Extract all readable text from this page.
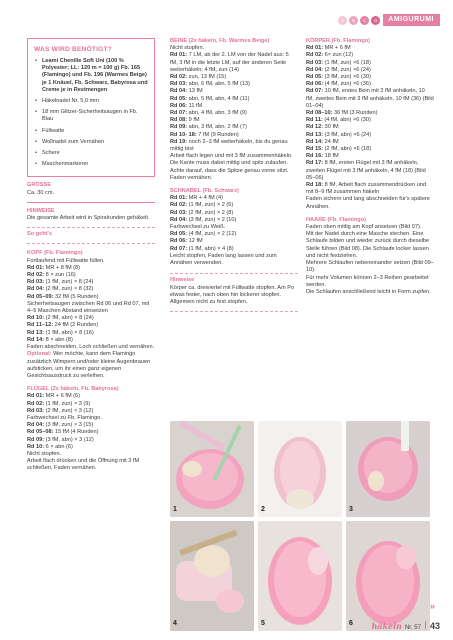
A	B	C	D	AMIGURUMI
WAS WIRD BENÖTIGT?
• Leami Chenille Soft Uni (100 % Polyester; LL: 120 m = 100 g) Fb. 165 (Flamingo) und Fb. 196 (Warmes Beige) je 1 Knäuel, Fb. Schwarz, Babyrosa und Creme je in Restmengen
• Häkelnadel Nr. 5,0 mm
• 18 mm Glitzer-Sicherheitsaugen in Fb. Blau
• Füllwatte
• Wollnadel zum Vernähen
• Schere
• Maschenmarkierer
GRÖSSE
Ca. 30 cm.
HINWEISE
Die gesamte Arbeit wird in Spiralrunden gehäkelt.
So geht's
KOPF (Fb. Flamingo)
Fortlaufend mit Füllwatte füllen.
Rd 01: MR + 8 fM (8)
Rd 02: 8 × zun (16)
Rd 03: (1 fM, zun) × 8 (24)
Rd 04: (2 fM, zun) × 8 (32)
Rd 05–09: 32 fM (5 Runden)
Sicherheitsaugen zwischen Rd 06 und Rd 07, mit 4–5 Maschen Abstand einsetzen
Rd 10: (2 fM, abn) × 8 (24)
Rd 11–12: 24 fM (2 Runden)
Rd 13: (1 fM, abn) × 8 (16)
Rd 14: 8 × abn (8)
Faden abschneiden, Loch schließen und vernähen.
Optional: Wer möchte, kann dem Flamingo zusätzlich Wimpern und/oder kleine Augenbrauen aufsticken, um ihr einen ganz eigenen Gesichtsausdruck zu verleihen.
FLÜGEL (2x häkeln, Fb. Babyrosa)
Rd 01: MR + 6 fM (6)
Rd 02: (1 fM, zun) × 3 (9)
Rd 03: (2 fM, zun) × 3 (12)
Farbwechsel zu Fb. Flamingo.
Rd 04: (3 fM, zun) × 3 (15)
Rd 05–08: 15 fM (4 Runden)
Rd 09: (3 fM, abn) × 3 (12)
Rd 10: 6 × abn (6)
Nicht stopfen.
Arbeit flach drücken und die Öffnung mit 3 fM schließen. Faden vernähen.
BEINE (2x häkeln, Fb. Warmes Beige)
Nicht stopfen.
Rd 01: 7 LM, ab der 2. LM von der Nadel aus: 5 fM, 3 fM in die letzte LM, auf der anderen Seite weiterhäkeln: 4 fM, zun (14)
Rd 02: zun, 13 fM (15)
Rd 03: abn, 6 fM, abn, 5 fM (13)
Rd 04: 13 fM
Rd 05: abn, 5 fM, abn, 4 fM (11)
Rd 06: 11 fM
Rd 07: abn, 4 fM, abn, 3 fM (9)
Rd 08: 9 fM
Rd 09: abn, 3 fM, abn, 2 fM (7)
Rd 10- 18: 7 fM (9 Runden)
Rd 19: noch 2–3 fM weiterhäkeln, bis du genau mittig bist
Arbeit flach legen und mit 3 fM zusammenhäkeln. Die Kante muss dabei mittig und spitz zulaufen.
Achte darauf, dass die Spitze genau vorne sitzt.
Faden vernähen.
SCHNABEL (Fb. Schwarz)
Rd 01: MR + 4 fM (4)
Rd 02: (1 fM, zun) × 2 (6)
Rd 03: (2 fM, zun) × 2 (8)
Rd 04: (3 fM, zun) × 2 (10)
Farbwechsel zu Weiß.
Rd 05: (4 fM, zun) × 2 (12)
Rd 06: 12 fM
Rd 07: (1 fM, abn) × 4 (8)
Leicht stopfen, Faden lang lassen und zum Annähen verwenden.
Hinweise
Körper ca. dreiviertel mit Füllwatte stopfen. Am Po etwas fester, nach oben hin lockerer stopfen. Allgemein nicht zu fest stopfen.
KÖRPER (Fb. Flamingo)
Rd 01: MR + 6 fM
Rd 02: 6× zun (12)
Rd 03: (1 fM, zun) ×6 (18)
Rd 04: (2 fM, zun) ×6 (24)
Rd 05: (3 fM, zun) ×6 (30)
Rd 06: (4 fM, zun) ×6 (36)
Rd 07: 10 fM, erstes Bein mit 3 fM anhäkeln, 10 fM, zweites Bein mit 3 fM anhäkeln, 10 fM (36) (Bild 01–04)
Rd 08–10: 36 fM (3 Runden)
Rd 11: (4 fM, abn) ×6 (30)
Rd 12: 30 fM
Rd 13: (3 fM, abn) ×6 (24)
Rd 14: 24 fM
Rd 15: (2 fM, abn) ×6 (18)
Rd 16: 18 fM
Rd 17: 8 fM, ersten Flügel mit 3 fM anhäkeln, zweiten Flügel mit 3 fM anhäkeln, 4 fM (18) (Bild 05–06)
Rd 18: 8 fM, Arbeit flach zusammendrücken und mit 8–9 fM zusammen häkeln
Faden sichern und lang abschneiden für's spätere Annähen.
HAARE (Fb. Flamingo)
Faden oben mittig am Kopf ansetzen (Bild 07).
Mit der Nadel durch eine Masche stechen. Eine Schlaufe bilden und wieder zurück durch dieselbe Stelle führen (Bild 08). Die Schlaufe locker lassen und nicht festziehen.
Mehrere Schlaufen nebeneinander setzen (Bild 09–10).
Für mehr Volumen können 2–3 Reihen gearbeitet werden.
Die Schlaufen anschließend leicht in Form zupfen.
1	2	3
4	5	6
»
häkeln Nr. 57 43
